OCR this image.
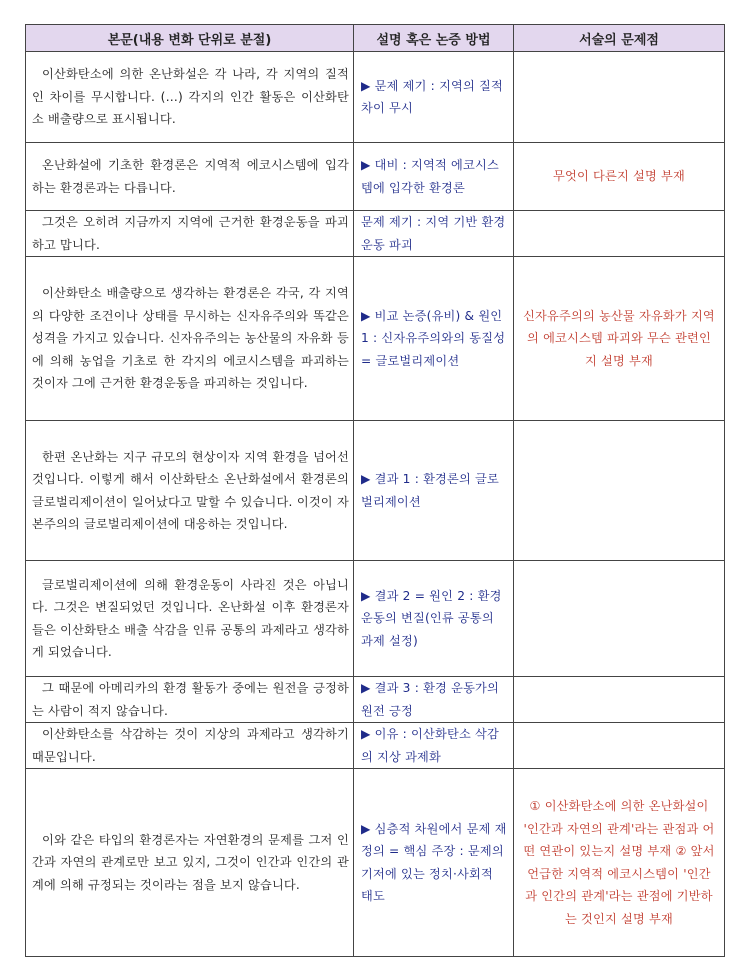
본문(내용 변화 단위로 분절)	설명 혹은 논증 방법	서술의 문제점
이산화탄소에 의한 온난화설은 각 나라, 각 지역의 질적인 차이를 무시합니다. (…) 각지의 인간 활동은 이산화탄소 배출량으로 표시됩니다.	▶ 문제 제기 : 지역의 질적 차이 무시	
온난화설에 기초한 환경론은 지역적 에코시스템에 입각하는 환경론과는 다릅니다.	▶ 대비 : 지역적 에코시스템에 입각한 환경론	무엇이 다른지 설명 부재
그것은 오히려 지금까지 지역에 근거한 환경운동을 파괴하고 맙니다.	문제 제기 : 지역 기반 환경 운동 파괴	
이산화탄소 배출량으로 생각하는 환경론은 각국, 각 지역의 다양한 조건이나 상태를 무시하는 신자유주의와 똑같은 성격을 가지고 있습니다. 신자유주의는 농산물의 자유화 등에 의해 농업을 기초로 한 각지의 에코시스템을 파괴하는 것이자 그에 근거한 환경운동을 파괴하는 것입니다.	▶ 비교 논증(유비) & 원인 1 : 신자유주의와의 동질성 = 글로벌리제이션	신자유주의의 농산물 자유화가 지역의 에코시스템 파괴와 무슨 관련인지 설명 부재
한편 온난화는 지구 규모의 현상이자 지역 환경을 넘어선 것입니다. 이렇게 해서 이산화탄소 온난화설에서 환경론의 글로벌리제이션이 일어났다고 말할 수 있습니다. 이것이 자본주의의 글로벌리제이션에 대응하는 것입니다.	▶ 결과 1 : 환경론의 글로벌리제이션	
글로벌리제이션에 의해 환경운동이 사라진 것은 아닙니다. 그것은 변질되었던 것입니다. 온난화설 이후 환경론자들은 이산화탄소 배출 삭감을 인류 공통의 과제라고 생각하게 되었습니다.	▶ 결과 2 = 원인 2 : 환경운동의 변질(인류 공통의 과제 설정)	
그 때문에 아메리카의 환경 활동가 중에는 원전을 긍정하는 사람이 적지 않습니다.	▶ 결과 3 : 환경 운동가의 원전 긍정	
이산화탄소를 삭감하는 것이 지상의 과제라고 생각하기 때문입니다.	▶ 이유 : 이산화탄소 삭감의 지상 과제화	
이와 같은 타입의 환경론자는 자연환경의 문제를 그저 인간과 자연의 관계로만 보고 있지, 그것이 인간과 인간의 관계에 의해 규정되는 것이라는 점을 보지 않습니다.	▶ 심층적 차원에서 문제 재정의 = 핵심 주장 : 문제의 기저에 있는 정치·사회적 태도	① 이산화탄소에 의한 온난화설이 '인간과 자연의 관계'라는 관점과 어떤 연관이 있는지 설명 부재 ② 앞서 언급한 지역적 에코시스템이 '인간과 인간의 관계'라는 관점에 기반하는 것인지 설명 부재
